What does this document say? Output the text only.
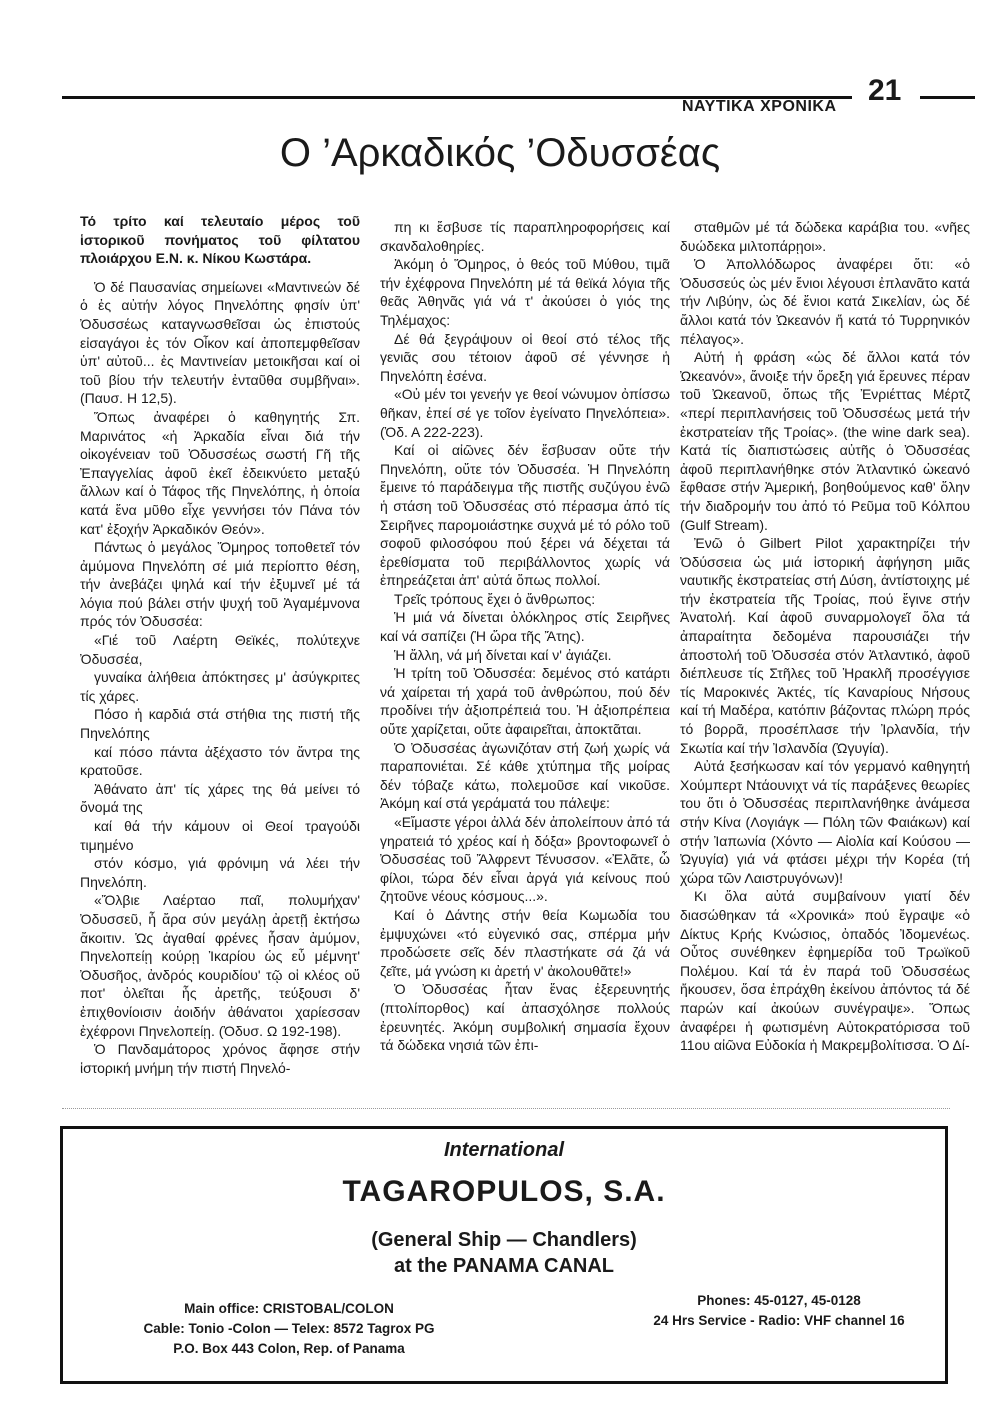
ΝΑΥΤΙΚΑ ΧΡΟΝΙΚΑ 21
Ο ’Αρκαδικός ’Οδυσσέας

Τό τρίτο καί τελευταίο μέρος τοῦ ἱστορικοῦ πονήματος τοῦ φίλτατου πλοιάρχου Ε.Ν. κ. Νίκου Κωστάρα.

Ὁ δέ Παυσανίας σημείωνει «Μαντινεών δέ ὁ ἐς αὐτήν λόγος Πηνελόπης φησίν ὑπ' Ὀδυσσέως καταγνωσθεῖσαι ὡς ἐπιστούς εἰσαγάγοι ἐς τόν Οἶκον καί ἀποπεμφθεῖσαν ὑπ' αὐτοῦ... ἐς Μαντινείαν μετοικῆσαι καί οἱ τοῦ βίου τήν τελευτήν ἐνταῦθα συμβῆναι». (Παυσ. Η 12,5).

Ὅπως ἀναφέρει ὁ καθηγητής Σπ. Μαρινάτος «ἡ Ἀρκαδία εἶναι διά τήν οἰκογένειαν τοῦ Ὀδυσσέως σωστή Γῆ τῆς Ἐπαγγελίας ἀφοῦ ἐκεῖ ἐδεικνύετο μεταξύ ἄλλων καί ὁ Τάφος τῆς Πηνελόπης, ἡ ὁποία κατά ἕνα μῦθο εἶχε γεννήσει τόν Πάνα τόν κατ' ἐξοχήν Ἀρκαδικόν Θεόν».

Πάντως ὁ μεγάλος Ὅμηρος τοποθετεῖ τόν ἀμύμονα Πηνελόπη σέ μιά περίοπτο θέση, τήν ἀνεβάζει ψηλά καί τήν ἐξυμνεῖ μέ τά λόγια πού βάλει στήν ψυχή τοῦ Ἀγαμέμνονα πρός τόν Ὀδυσσέα:

«Γιέ τοῦ Λαέρτη Θεϊκές, πολύτεχνε Ὀδυσσέα,

γυναίκα ἀλήθεια ἀπόκτησες μ' ἀσύγκριτες τίς χάρες.

Πόσο ἡ καρδιά στά στήθια της πιστή τῆς Πηνελόπης

καί πόσο πάντα ἀξέχαστο τόν ἄντρα της κρατοῦσε.

Ἀθάνατο ἀπ' τίς χάρες της θά μείνει τό ὄνομά της

καί θά τήν κάμουν οἱ Θεοί τραγούδι τιμημένο

στόν κόσμο, γιά φρόνιμη νά λέει τήν Πηνελόπη.

«Ὄλβιε Λαέρταο παῖ, πολυμήχαν' Ὀδυσσεῦ, ἦ ἄρα σύν μεγάλῃ ἀρετῇ ἐκτήσω ἄκοιτιν. Ὡς ἀγαθαί φρένες ἦσαν ἀμύμον, Πηνελοπείῃ κούρῃ Ἰκαρίου ὡς εὖ μέμνητ' Ὀδυσῆος, ἀνδρός κουριδίου' τῷ οἱ κλέος οὔ ποτ' ὀλεῖται ἧς ἀρετῆς, τεύξουσι δ' ἐπιχθονίοισιν ἀοιδήν ἀθάνατοι χαρίεσσαν ἐχέφρονι Πηνελοπείῃ. (Ὀδυσ. Ω 192-198).

Ὁ Πανδαμάτορος χρόνος ἄφησε στήν ἱστορική μνήμη τήν πιστή Πηνελό-

πη κι ἔσβυσε τίς παραπληροφορήσεις καί σκανδαλοθηρίες.

Ἀκόμη ὁ Ὅμηρος, ὁ θεός τοῦ Μύθου, τιμᾶ τήν ἐχέφρονα Πηνελόπη μέ τά θεϊκά λόγια τῆς θεᾶς Ἀθηνᾶς γιά νά τ' ἀκούσει ὁ γιός της Τηλέμαχος:

Δέ θά ξεγράψουν οἱ θεοί στό τέλος τῆς γενιᾶς σου τέτοιον ἀφοῦ σέ γέννησε ἡ Πηνελόπη ἐσένα.

«Οὐ μέν τοι γενεήν γε θεοί νώνυμον ὀπίσσω θῆκαν, ἐπεί σέ γε τοῖον ἐγείνατο Πηνελόπεια». (Ὀδ. Α 222-223).

Καί οἱ αἰῶνες δέν ἔσβυσαν οὔτε τήν Πηνελόπη, οὔτε τόν Ὀδυσσέα. Ἡ Πηνελόπη ἔμεινε τό παράδειγμα τῆς πιστῆς συζύγου ἐνῶ ἡ στάση τοῦ Ὀδυσσέας στό πέρασμα ἀπό τίς Σειρῆνες παρομοιάστηκε συχνά μέ τό ρόλο τοῦ σοφοῦ φιλοσόφου πού ξέρει νά δέχεται τά ἐρεθίσματα τοῦ περιβάλλοντος χωρίς νά ἐπηρεάζεται ἀπ' αὐτά ὅπως πολλοί.

Τρεῖς τρόπους ἔχει ὁ ἄνθρωπος:

Ἡ μιά νά δίνεται ὁλόκληρος στίς Σειρῆνες καί νά σαπίζει (Ἡ ὥρα τῆς Ἄτης).

Ἡ ἄλλη, νά μή δίνεται καί ν' ἀγιάζει.

Ἡ τρίτη τοῦ Ὀδυσσέα: δεμένος στό κατάρτι νά χαίρεται τή χαρά τοῦ ἀνθρώπου, πού δέν προδίνει τήν ἀξιοπρέπειά του. Ἡ ἀξιοπρέπεια οὔτε χαρίζεται, οὔτε ἀφαιρεῖται, ἀποκτᾶται.

Ὁ Ὀδυσσέας ἀγωνιζόταν στή ζωή χωρίς νά παραπονιέται. Σέ κάθε χτύπημα τῆς μοίρας δέν τόβαζε κάτω, πολεμοῦσε καί νικοῦσε. Ἀκόμη καί στά γεράματά του πάλεψε:

«Εἴμαστε γέροι ἀλλά δέν ἀπολείπουν ἀπό τά γηρατειά τό χρέος καί ἡ δόξα» βροντοφωνεῖ ὁ Ὀδυσσέας τοῦ Ἄλφρεντ Τένυσσον. «Ἐλᾶτε, ὦ φίλοι, τώρα δέν εἶναι ἀργά γιά κείνους πού ζητοῦνε νέους κόσμους...».

Καί ὁ Δάντης στήν θεία Κωμωδία του ἐμψυχώνει «τό εὐγενικό σας, σπέρμα μήν προδώσετε σεῖς δέν πλαστήκατε σά ζά νά ζεῖτε, μά γνώση κι ἀρετή ν' ἀκολουθᾶτε!»

Ὁ Ὀδυσσέας ἦταν ἕνας ἐξερευνητής (πτολίπορθος) καί ἀπασχόλησε πολλούς ἐρευνητές. Ἀκόμη συμβολική σημασία ἔχουν τά δώδεκα νησιά τῶν ἐπι-

σταθμῶν μέ τά δώδεκα καράβια του. «νῆες δυώδεκα μιλτοπάρῃοι».

Ὁ Ἀπολλόδωρος ἀναφέρει ὅτι: «ὁ Ὀδυσσεύς ὡς μέν ἔνιοι λέγουσι ἐπλανᾶτο κατά τήν Λιβύην, ὡς δέ ἔνιοι κατά Σικελίαν, ὡς δέ ἄλλοι κατά τόν Ὠκεανόν ἤ κατά τό Τυρρηνικόν πέλαγος».

Αὐτή ἡ φράση «ὡς δέ ἄλλοι κατά τόν Ὠκεανόν», ἄνοιξε τήν ὄρεξη γιά ἔρευνες πέραν τοῦ Ὠκεανοῦ, ὅπως τῆς Ἐνριέττας Μέρτζ «περί περιπλανήσεις τοῦ Ὀδυσσέως μετά τήν ἐκστρατείαν τῆς Τροίας». (the wine dark sea). Κατά τίς διαπιστώσεις αὐτῆς ὁ Ὀδυσσέας ἀφοῦ περιπλανήθηκε στόν Ἀτλαντικό ὠκεανό ἔφθασε στήν Ἀμερική, βοηθούμενος καθ' ὅλην τήν διαδρομήν του ἀπό τό Ρεῦμα τοῦ Κόλπου (Gulf Stream).

Ἐνῶ ὁ Gilbert Pilot χαρακτηρίζει τήν Ὀδύσσεια ὡς μιά ἱστορική ἀφήγηση μιᾶς ναυτικῆς ἐκστρατείας στή Δύση, ἀντίστοιχης μέ τήν ἐκστρατεία τῆς Τροίας, πού ἔγινε στήν Ἀνατολή. Καί ἀφοῦ συναρμολογεῖ ὅλα τά ἀπαραίτητα δεδομένα παρουσιάζει τήν ἀποστολή τοῦ Ὀδυσσέα στόν Ἀτλαντικό, ἀφοῦ διέπλευσε τίς Στῆλες τοῦ Ἡρακλῆ προσέγγισε τίς Μαροκινές Ἀκτές, τίς Καναρίους Νήσους καί τή Μαδέρα, κατόπιν βάζοντας πλώρη πρός τό βορρᾶ, προσέπλασε τήν Ἰρλανδία, τήν Σκωτία καί τήν Ἰσλανδία (Ὠγυγία).

Αὐτά ξεσήκωσαν καί τόν γερμανό καθηγητή Χούμπερτ Ντάουνιχτ νά τίς παράξενες θεωρίες του ὅτι ὁ Ὀδυσσέας περιπλανήθηκε ἀνάμεσα στήν Κίνα (Λογιάγκ — Πόλη τῶν Φαιάκων) καί στήν Ἰαπωνία (Χόντο — Αἰολία καί Κούσου — Ὠγυγία) γιά νά φτάσει μέχρι τήν Κορέα (τή χώρα τῶν Λαιστρυγόνων)!

Κι ὅλα αὐτά συμβαίνουν γιατί δέν διασώθηκαν τά «Χρονικά» πού ἔγραψε «ὁ Δίκτυς Κρής Κνώσιος, ὀπαδός Ἰδομενέως. Οὗτος συνέθηκεν ἐφημερίδα τοῦ Τρωϊκοῦ Πολέμου. Καί τά ἐν παρά τοῦ Ὀδυσσέως ἤκουσεν, ὅσα ἐπράχθη ἐκείνου ἀπόντος τά δέ παρών καί ἀκούων συνέγραψε». Ὅπως ἀναφέρει ἡ φωτισμένη Αὐτοκρατόρισσα τοῦ 11ου αἰῶνα Εὐδοκία ἡ Μακρεμβολίτισσα. Ὁ Δί-

International
TAGAROPULOS, S.A.
(General Ship — Chandlers)
at the PANAMA CANAL
Main office: CRISTOBAL/COLON
Cable: Tonio -Colon — Telex: 8572 Tagrox PG
P.O. Box 443 Colon, Rep. of Panama
Phones: 45-0127, 45-0128
24 Hrs Service - Radio: VHF channel 16
